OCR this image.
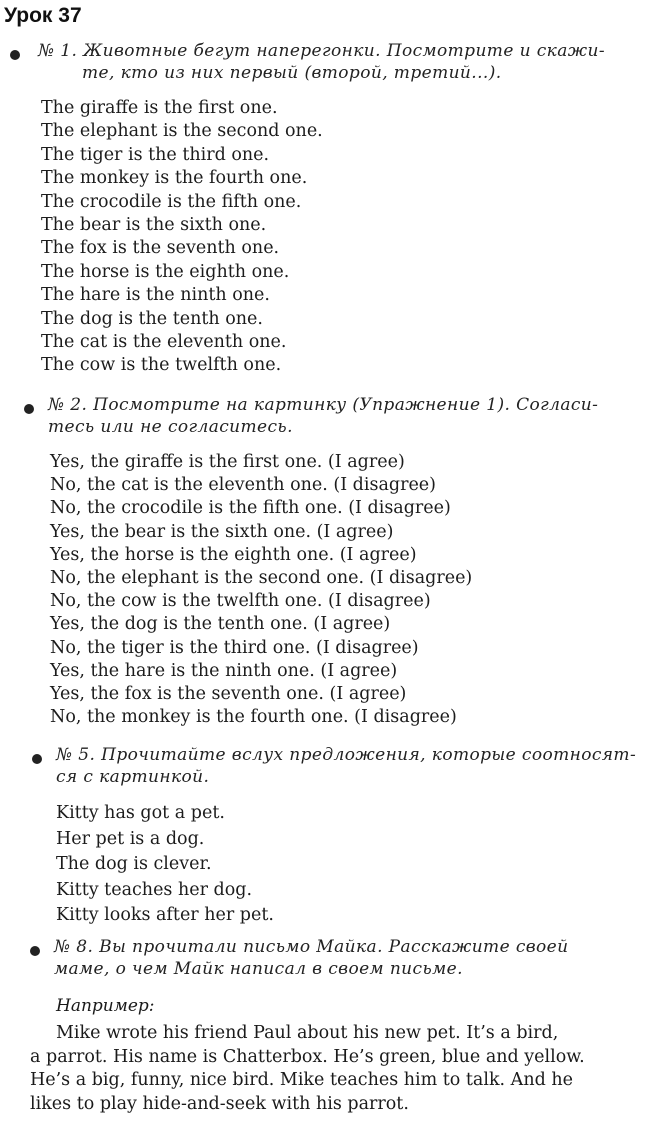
Урок 37
№ 1. Животные бегут наперегонки. Посмотрите и скажи-
те, кто из них первый (второй, третий...).
The giraffe is the first one.
The elephant is the second one.
The tiger is the third one.
The monkey is the fourth one.
The crocodile is the fifth one.
The bear is the sixth one.
The fox is the seventh one.
The horse is the eighth one.
The hare is the ninth one.
The dog is the tenth one.
The cat is the eleventh one.
The cow is the twelfth one.
№ 2. Посмотрите на картинку (Упражнение 1). Согласи-
тесь или не согласитесь.
Yes, the giraffe is the first one. (I agree)
No, the cat is the eleventh one. (I disagree)
No, the crocodile is the fifth one. (I disagree)
Yes, the bear is the sixth one. (I agree)
Yes, the horse is the eighth one. (I agree)
No, the elephant is the second one. (I disagree)
No, the cow is the twelfth one. (I disagree)
Yes, the dog is the tenth one. (I agree)
No, the tiger is the third one. (I disagree)
Yes, the hare is the ninth one. (I agree)
Yes, the fox is the seventh one. (I agree)
No, the monkey is the fourth one. (I disagree)
№ 5. Прочитайте вслух предложения, которые соотносят-
ся с картинкой.
Kitty has got a pet.
Her pet is a dog.
The dog is clever.
Kitty teaches her dog.
Kitty looks after her pet.
№ 8. Вы прочитали письмо Майка. Расскажите своей
маме, о чем Майк написал в своем письме.
Например:
Mike wrote his friend Paul about his new pet. It’s a bird,
a parrot. His name is Chatterbox. He’s green, blue and yellow.
He’s a big, funny, nice bird. Mike teaches him to talk. And he
likes to play hide-and-seek with his parrot.
